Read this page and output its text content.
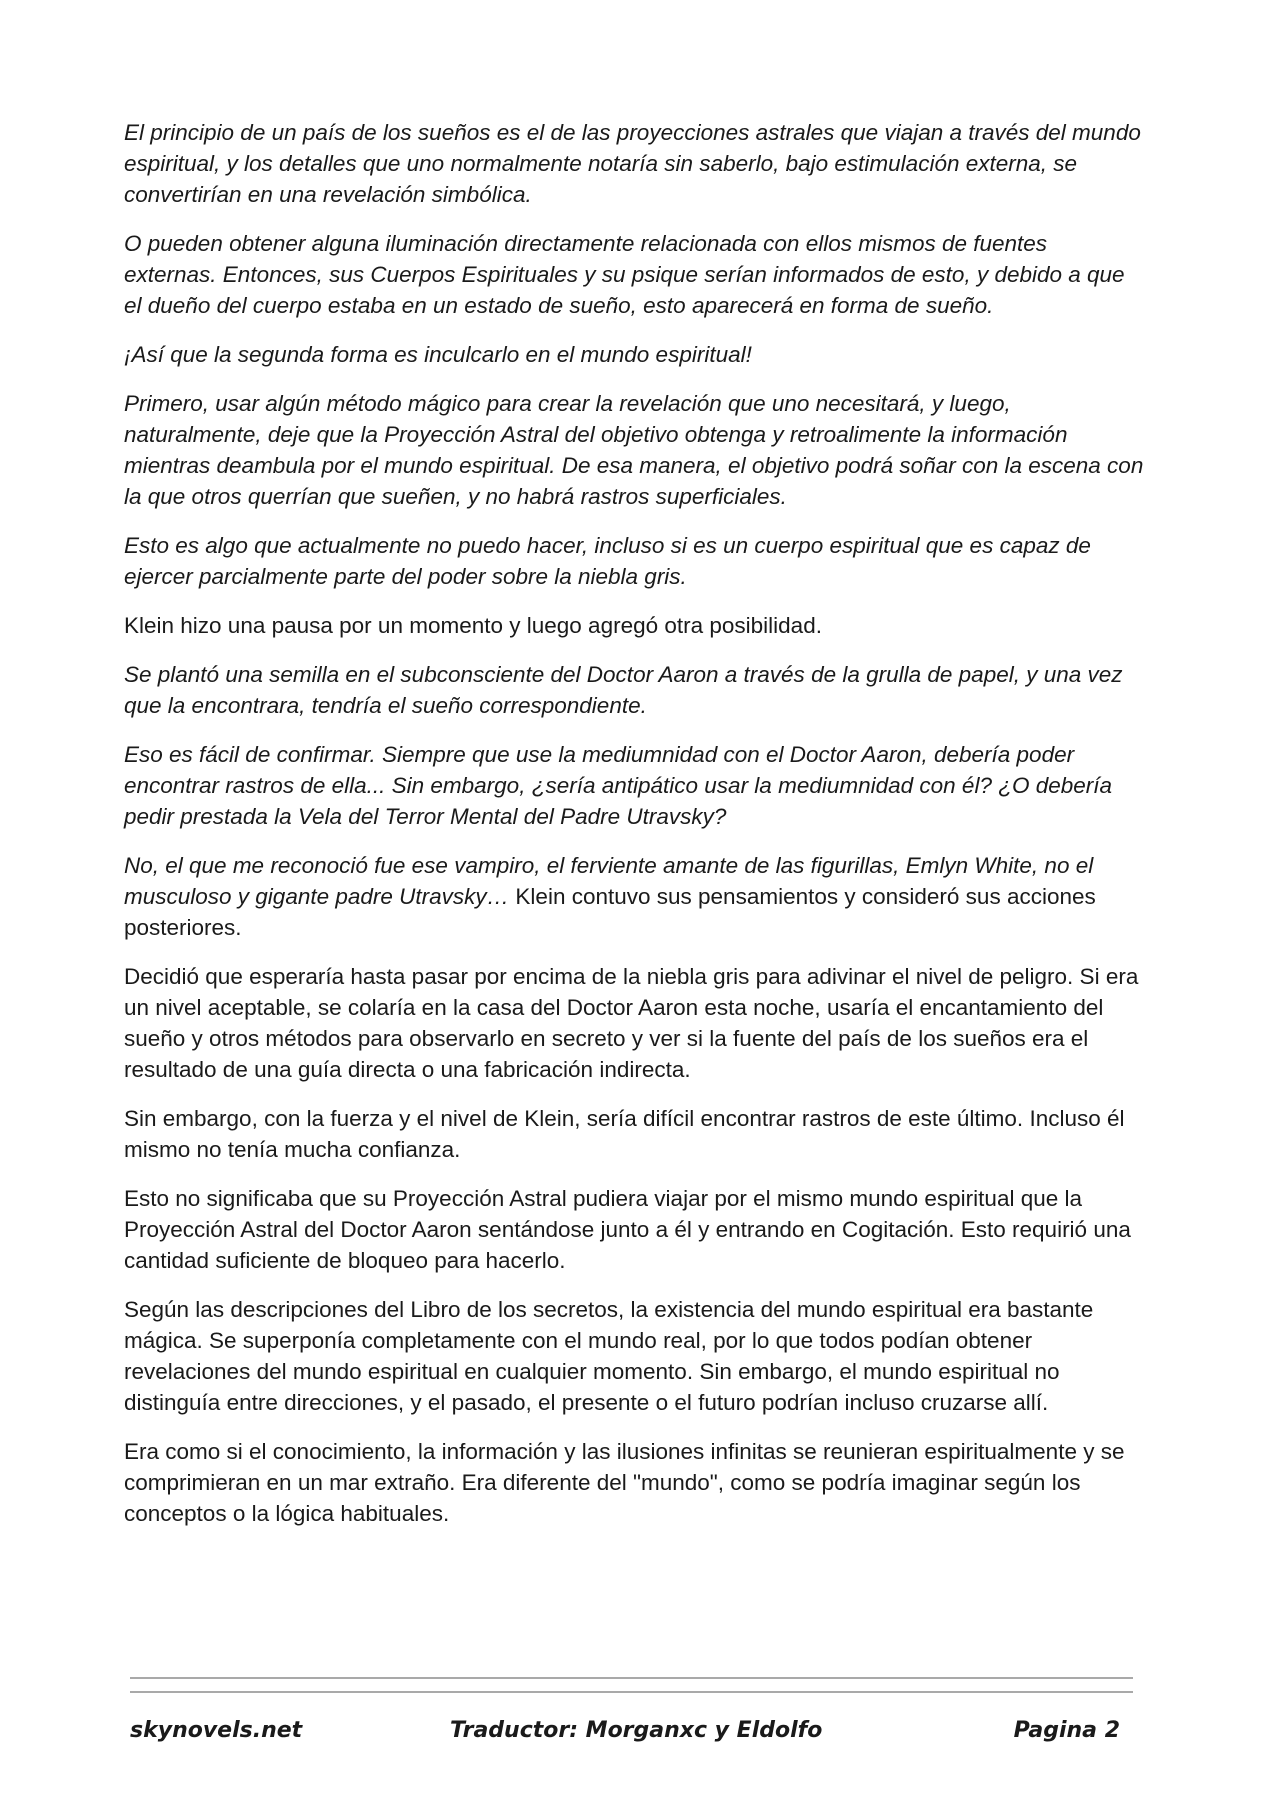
El principio de un país de los sueños es el de las proyecciones astrales que viajan a través del mundo espiritual, y los detalles que uno normalmente notaría sin saberlo, bajo estimulación externa, se convertirían en una revelación simbólica.

O pueden obtener alguna iluminación directamente relacionada con ellos mismos de fuentes externas. Entonces, sus Cuerpos Espirituales y su psique serían informados de esto, y debido a que el dueño del cuerpo estaba en un estado de sueño, esto aparecerá en forma de sueño.

¡Así que la segunda forma es inculcarlo en el mundo espiritual!

Primero, usar algún método mágico para crear la revelación que uno necesitará, y luego, naturalmente, deje que la Proyección Astral del objetivo obtenga y retroalimente la información mientras deambula por el mundo espiritual. De esa manera, el objetivo podrá soñar con la escena con la que otros querrían que sueñen, y no habrá rastros superficiales.

Esto es algo que actualmente no puedo hacer, incluso si es un cuerpo espiritual que es capaz de ejercer parcialmente parte del poder sobre la niebla gris.

Klein hizo una pausa por un momento y luego agregó otra posibilidad.

Se plantó una semilla en el subconsciente del Doctor Aaron a través de la grulla de papel, y una vez que la encontrara, tendría el sueño correspondiente.

Eso es fácil de confirmar. Siempre que use la mediumnidad con el Doctor Aaron, debería poder encontrar rastros de ella... Sin embargo, ¿sería antipático usar la mediumnidad con él? ¿O debería pedir prestada la Vela del Terror Mental del Padre Utravsky?

No, el que me reconoció fue ese vampiro, el ferviente amante de las figurillas, Emlyn White, no el musculoso y gigante padre Utravsky… Klein contuvo sus pensamientos y consideró sus acciones posteriores.

Decidió que esperaría hasta pasar por encima de la niebla gris para adivinar el nivel de peligro. Si era un nivel aceptable, se colaría en la casa del Doctor Aaron esta noche, usaría el encantamiento del sueño y otros métodos para observarlo en secreto y ver si la fuente del país de los sueños era el resultado de una guía directa o una fabricación indirecta.

Sin embargo, con la fuerza y el nivel de Klein, sería difícil encontrar rastros de este último. Incluso él mismo no tenía mucha confianza.

Esto no significaba que su Proyección Astral pudiera viajar por el mismo mundo espiritual que la Proyección Astral del Doctor Aaron sentándose junto a él y entrando en Cogitación. Esto requirió una cantidad suficiente de bloqueo para hacerlo.

Según las descripciones del Libro de los secretos, la existencia del mundo espiritual era bastante mágica. Se superponía completamente con el mundo real, por lo que todos podían obtener revelaciones del mundo espiritual en cualquier momento. Sin embargo, el mundo espiritual no distinguía entre direcciones, y el pasado, el presente o el futuro podrían incluso cruzarse allí.

Era como si el conocimiento, la información y las ilusiones infinitas se reunieran espiritualmente y se comprimieran en un mar extraño. Era diferente del "mundo", como se podría imaginar según los conceptos o la lógica habituales.

skynovels.net	Traductor: Morganxc y Eldolfo	Pagina 2
